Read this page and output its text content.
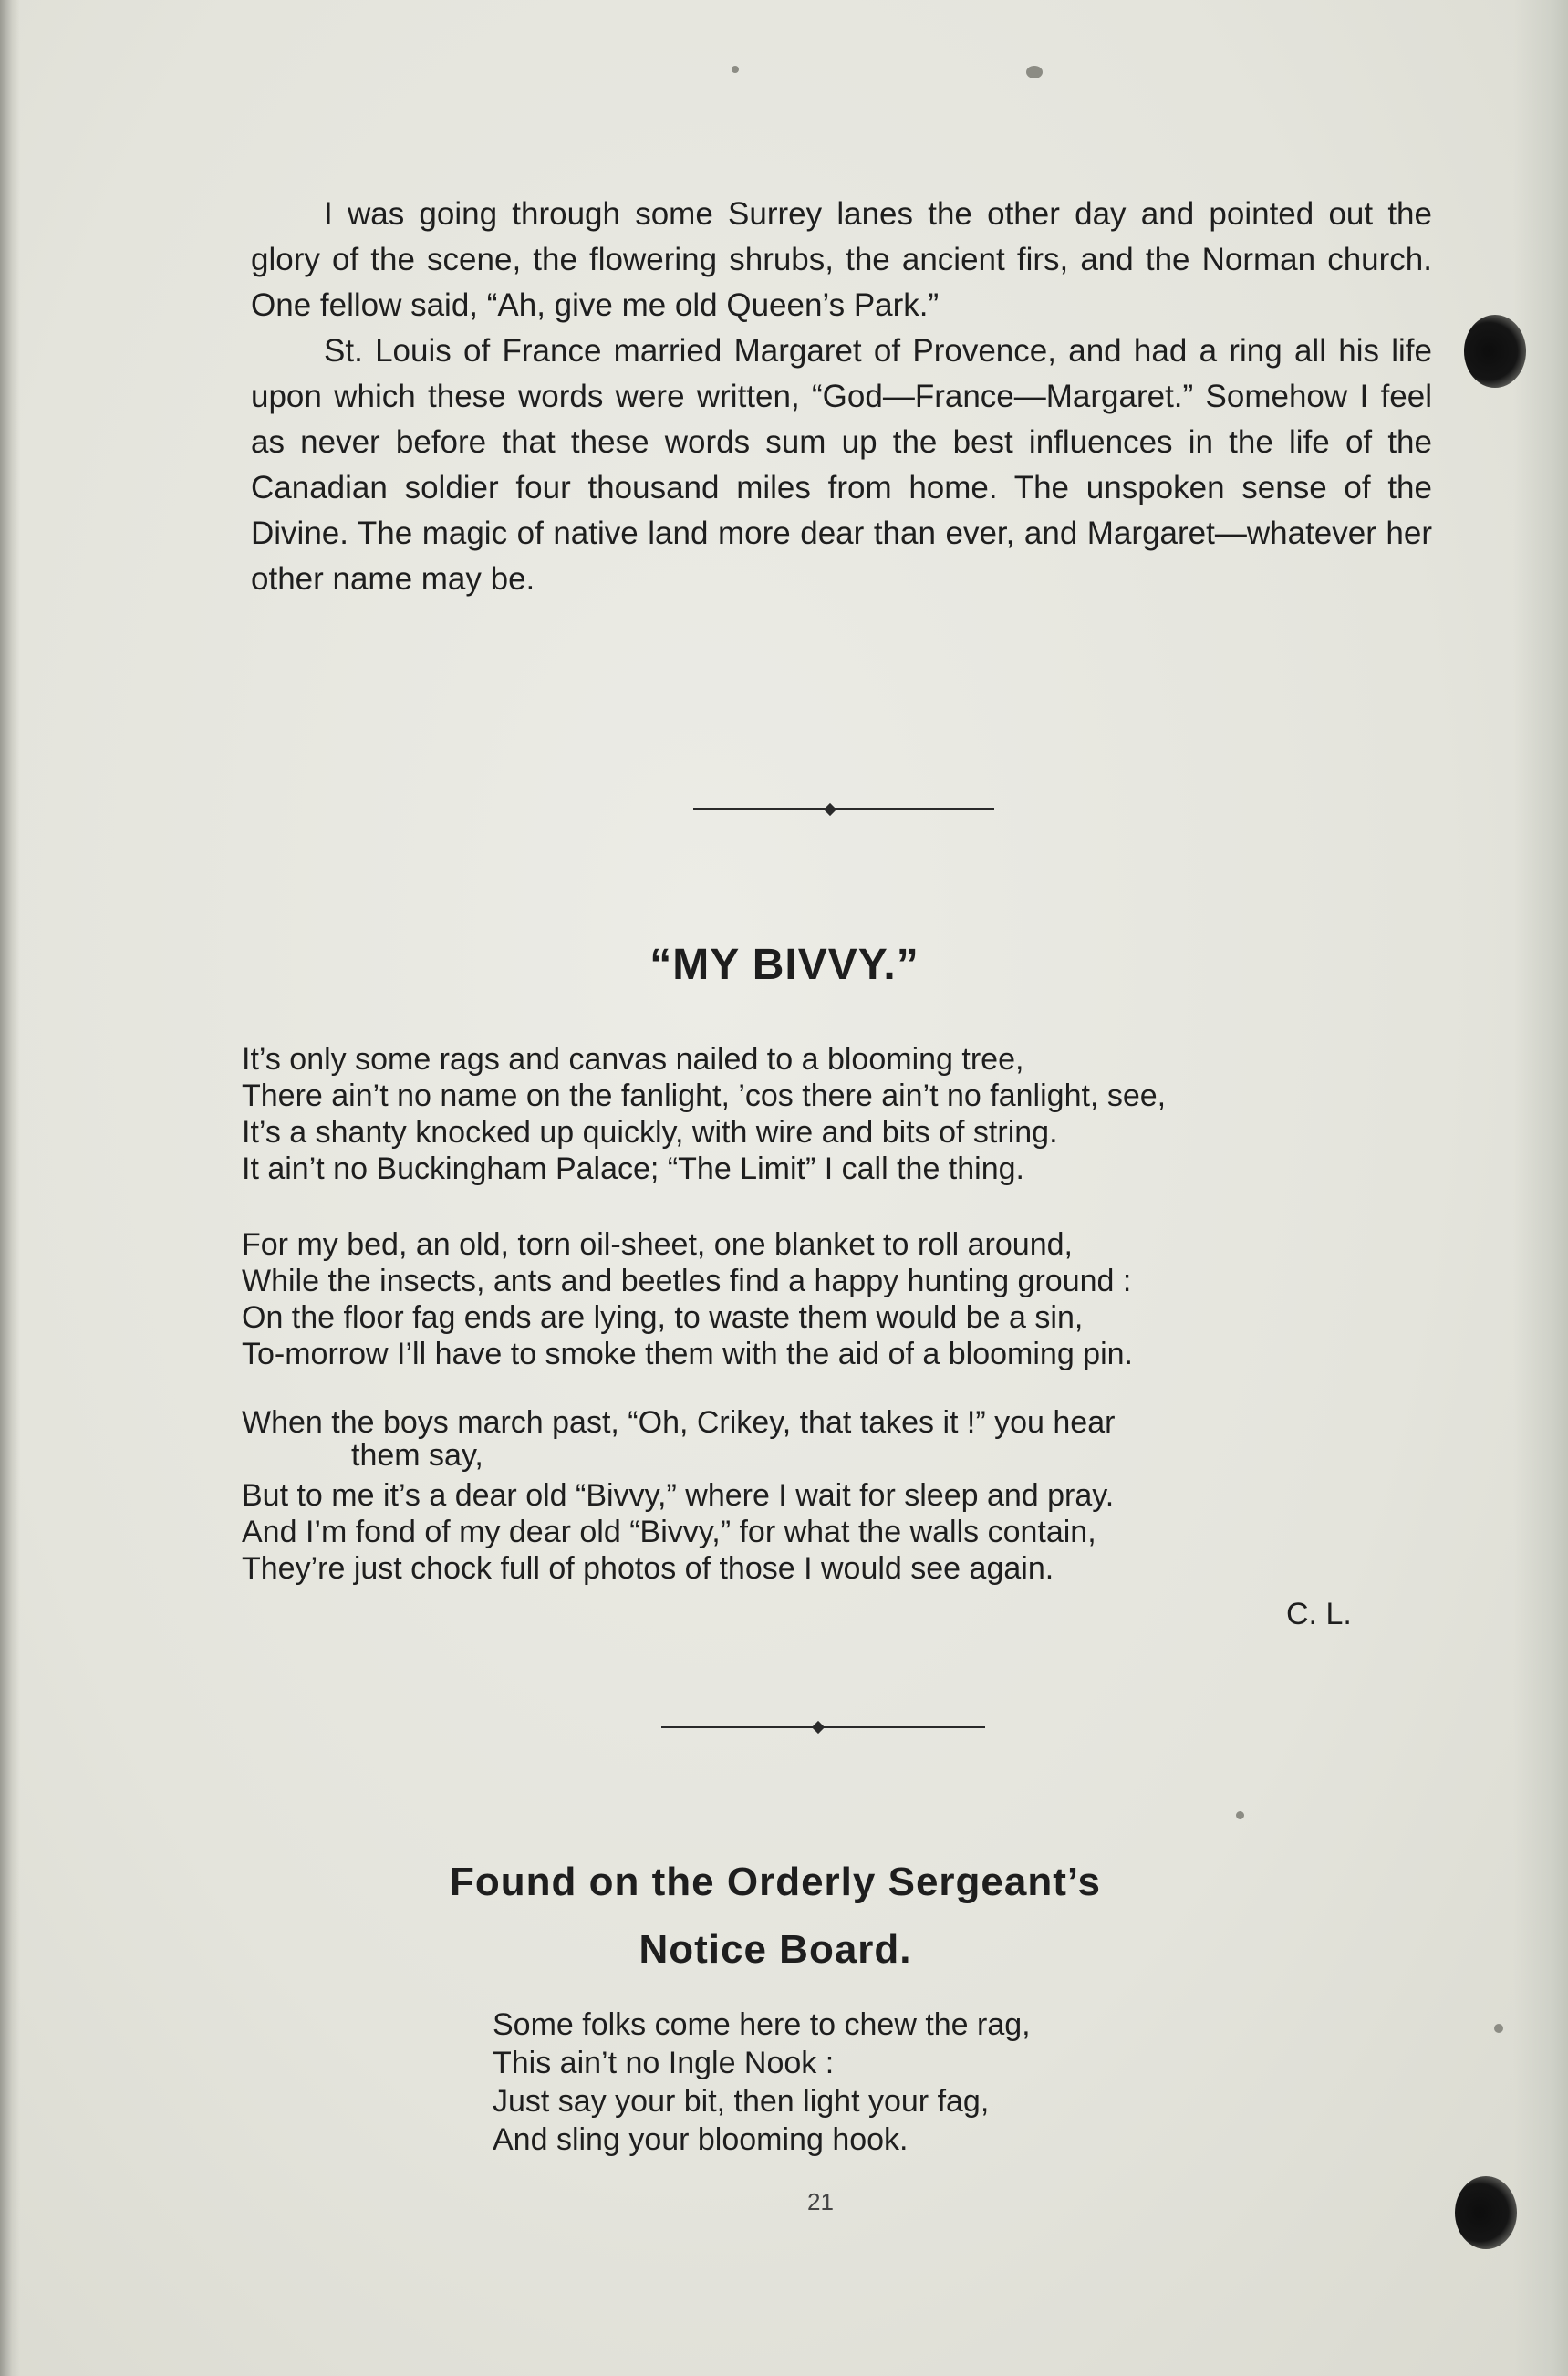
I was going through some Surrey lanes the other day and pointed out the glory of the scene, the flowering shrubs, the ancient firs, and the Norman church. One fellow said, “Ah, give me old Queen’s Park.”

St. Louis of France married Margaret of Provence, and had a ring all his life upon which these words were written, “God—France—Margaret.” Somehow I feel as never before that these words sum up the best influences in the life of the Canadian soldier four thousand miles from home. The unspoken sense of the Divine. The magic of native land more dear than ever, and Margaret—whatever her other name may be.

“MY BIVVY.”
It’s only some rags and canvas nailed to a blooming tree,
There ain’t no name on the fanlight, ’cos there ain’t no fanlight, see,
It’s a shanty knocked up quickly, with wire and bits of string.
It ain’t no Buckingham Palace; “The Limit” I call the thing.
For my bed, an old, torn oil-sheet, one blanket to roll around,
While the insects, ants and beetles find a happy hunting ground :
On the floor fag ends are lying, to waste them would be a sin,
To-morrow I’ll have to smoke them with the aid of a blooming pin.
When the boys march past, “Oh, Crikey, that takes it !” you hear
them say,
But to me it’s a dear old “Bivvy,” where I wait for sleep and pray.
And I’m fond of my dear old “Bivvy,” for what the walls contain,
They’re just chock full of photos of those I would see again.
C. L.
Found on the Orderly Sergeant’s
Notice Board.
Some folks come here to chew the rag,
This ain’t no Ingle Nook :
Just say your bit, then light your fag,
And sling your blooming hook.
21
